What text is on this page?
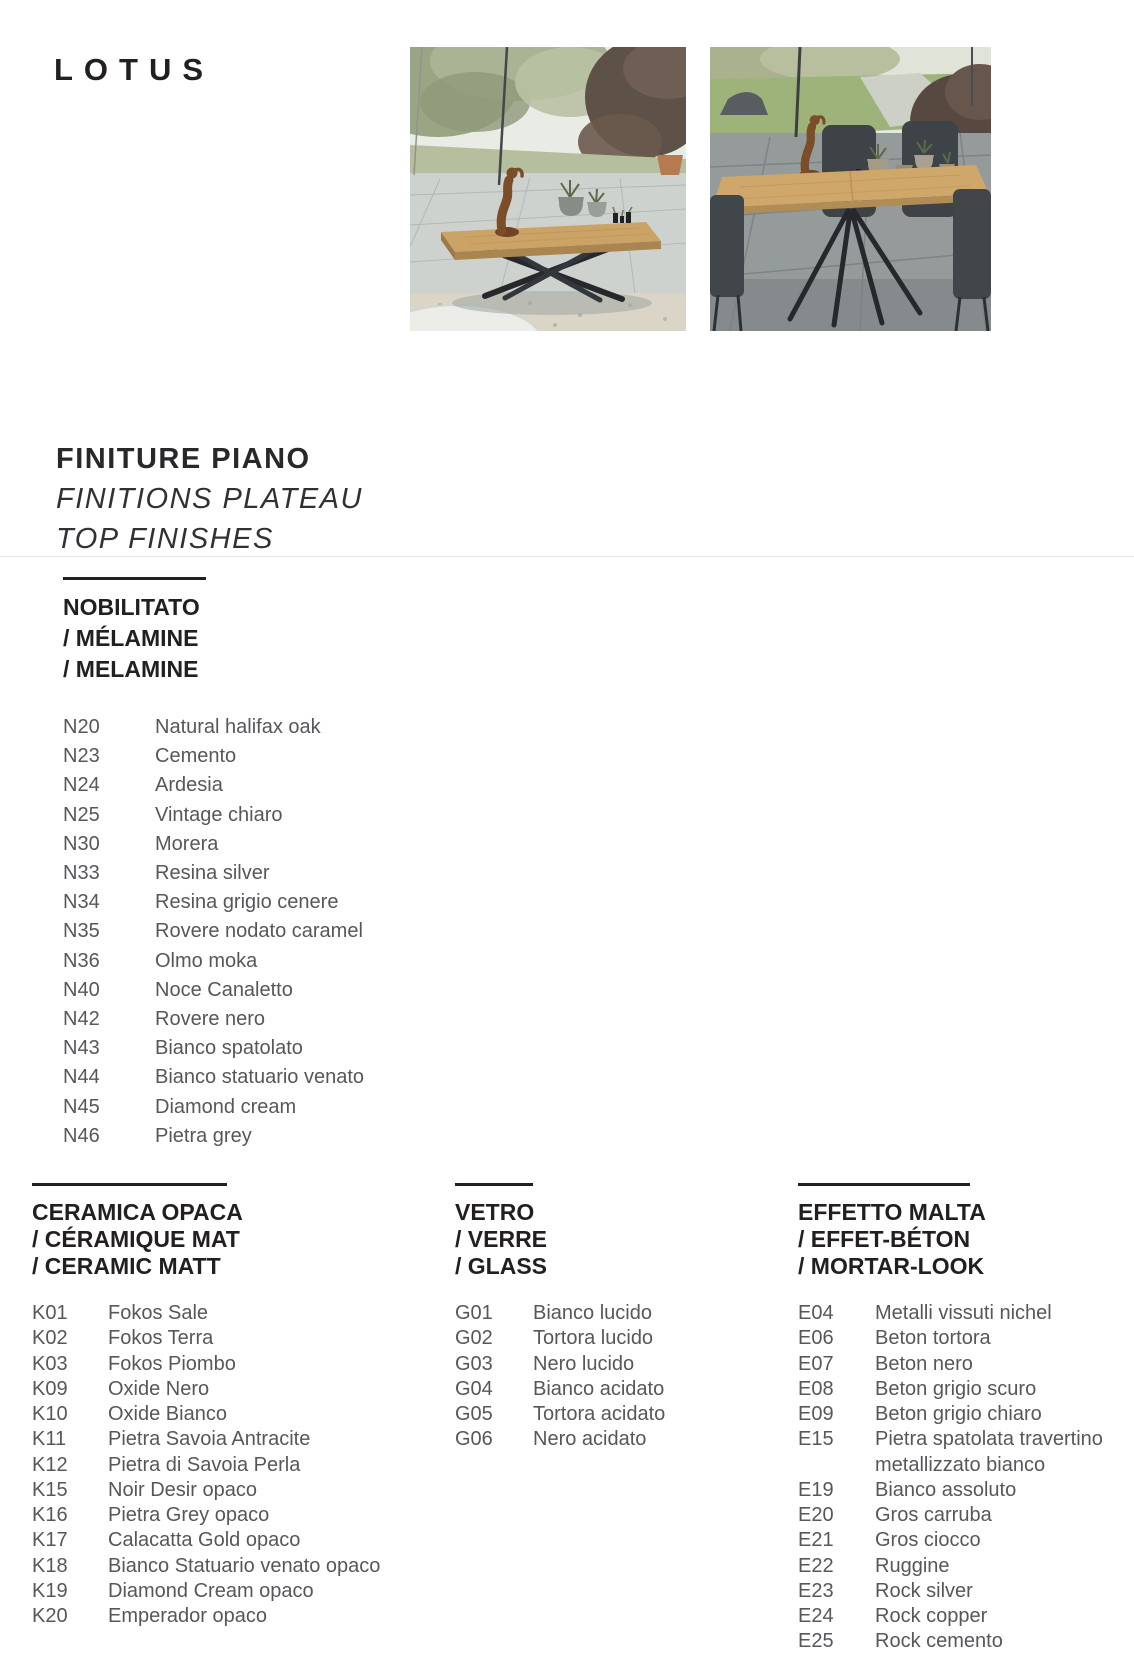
LOTUS
FINITURE PIANO
FINITIONS PLATEAU
TOP FINISHES
NOBILITATO
/ MÉLAMINE
/ MELAMINE
N20	Natural halifax oak
N23	Cemento
N24	Ardesia
N25	Vintage chiaro
N30	Morera
N33	Resina silver
N34	Resina grigio cenere
N35	Rovere nodato caramel
N36	Olmo moka
N40	Noce Canaletto
N42	Rovere nero
N43	Bianco spatolato
N44	Bianco statuario venato
N45	Diamond cream
N46	Pietra grey
CERAMICA OPACA
/ CÉRAMIQUE MAT
/ CERAMIC MATT
K01	Fokos Sale
K02	Fokos Terra
K03	Fokos Piombo
K09	Oxide Nero
K10	Oxide Bianco
K11	Pietra Savoia Antracite
K12	Pietra di Savoia Perla
K15	Noir Desir opaco
K16	Pietra Grey opaco
K17	Calacatta Gold opaco
K18	Bianco Statuario venato opaco
K19	Diamond Cream opaco
K20	Emperador opaco
VETRO
/ VERRE
/ GLASS
G01	Bianco lucido
G02	Tortora lucido
G03	Nero lucido
G04	Bianco acidato
G05	Tortora acidato
G06	Nero acidato
EFFETTO MALTA
/ EFFET-BÉTON
/ MORTAR-LOOK
E04	Metalli vissuti nichel
E06	Beton tortora
E07	Beton nero
E08	Beton grigio scuro
E09	Beton grigio chiaro
E15	Pietra spatolata travertino metallizzato bianco
E19	Bianco assoluto
E20	Gros carruba
E21	Gros ciocco
E22	Ruggine
E23	Rock silver
E24	Rock copper
E25	Rock cemento
